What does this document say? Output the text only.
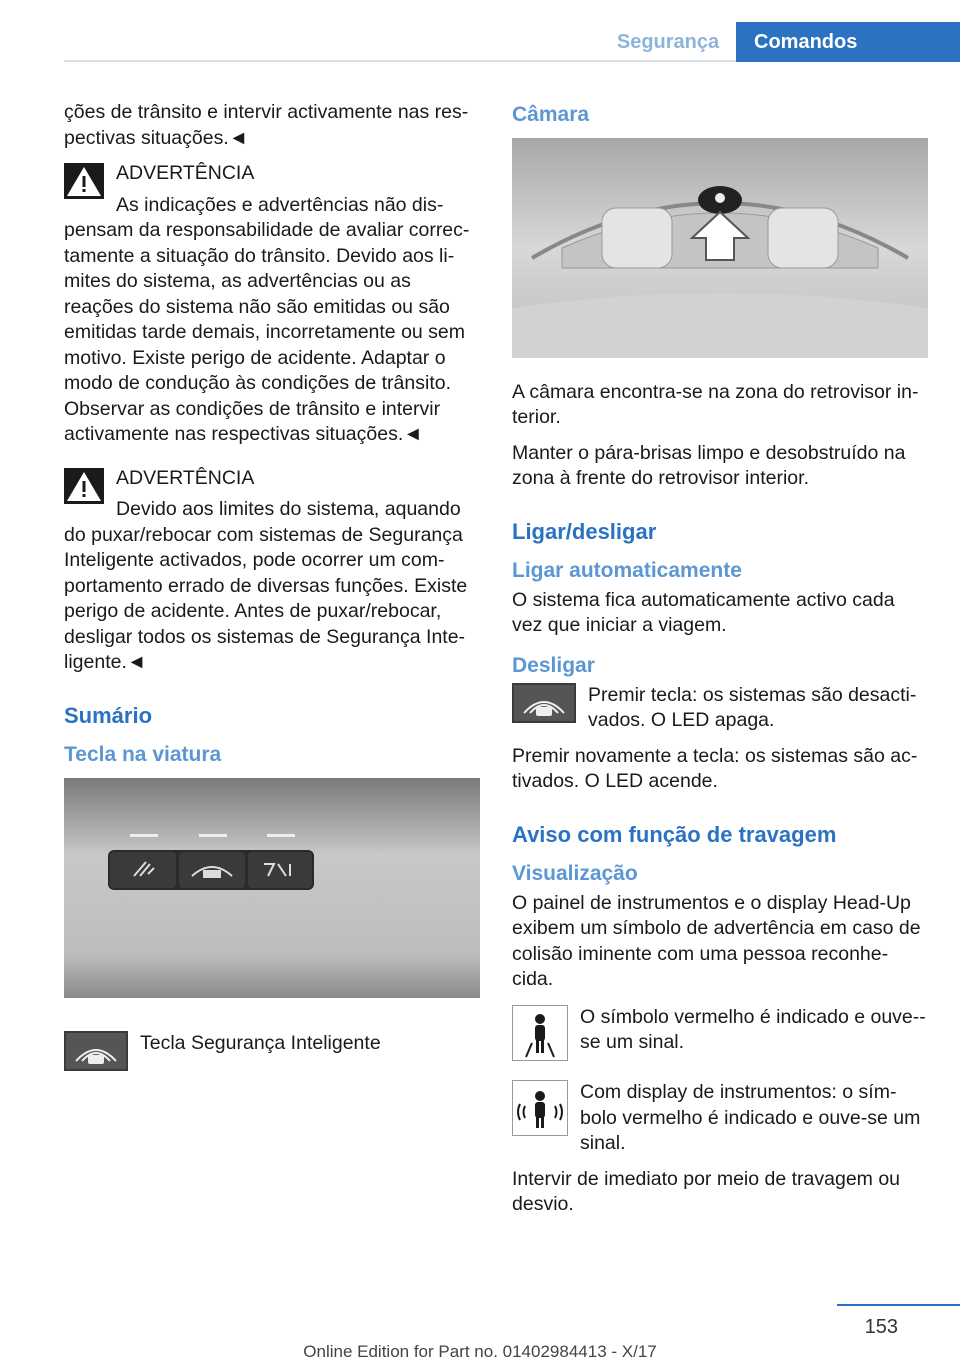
Segurança	Comandos

ções de trânsito e intervir activamente nas res-pectivas situações.◄

ADVERTÊNCIA
As indicações e advertências não dis-pensam da responsabilidade de avaliar correc-tamente a situação do trânsito. Devido aos li-mites do sistema, as advertências ou as reações do sistema não são emitidas ou são emitidas tarde demais, incorretamente ou sem motivo. Existe perigo de acidente. Adaptar o modo de condução às condições de trânsito. Observar as condições de trânsito e intervir activamente nas respectivas situações.◄
ADVERTÊNCIA
Devido aos limites do sistema, aquando do puxar/rebocar com sistemas de Segurança Inteligente activados, pode ocorrer um com-portamento errado de diversas funções. Existe perigo de acidente. Antes de puxar/rebocar, desligar todos os sistemas de Segurança Inte-ligente.◄
Sumário
Tecla na viatura
Tecla Segurança Inteligente
Câmara

A câmara encontra-se na zona do retrovisor in-terior.

Manter o pára-brisas limpo e desobstruído na zona à frente do retrovisor interior.

Ligar/desligar
Ligar automaticamente

O sistema fica automaticamente activo cada vez que iniciar a viagem.

Desligar
Premir tecla: os sistemas são desacti-vados. O LED apaga.

Premir novamente a tecla: os sistemas são ac-tivados. O LED acende.

Aviso com função de travagem
Visualização

O painel de instrumentos e o display Head-Up exibem um símbolo de advertência em caso de colisão iminente com uma pessoa reconhe-cida.

O símbolo vermelho é indicado e ouve--se um sinal.
Com display de instrumentos: o sím-bolo vermelho é indicado e ouve-se um sinal.

Intervir de imediato por meio de travagem ou desvio.

153
Online Edition for Part no. 01402984413 - X/17
